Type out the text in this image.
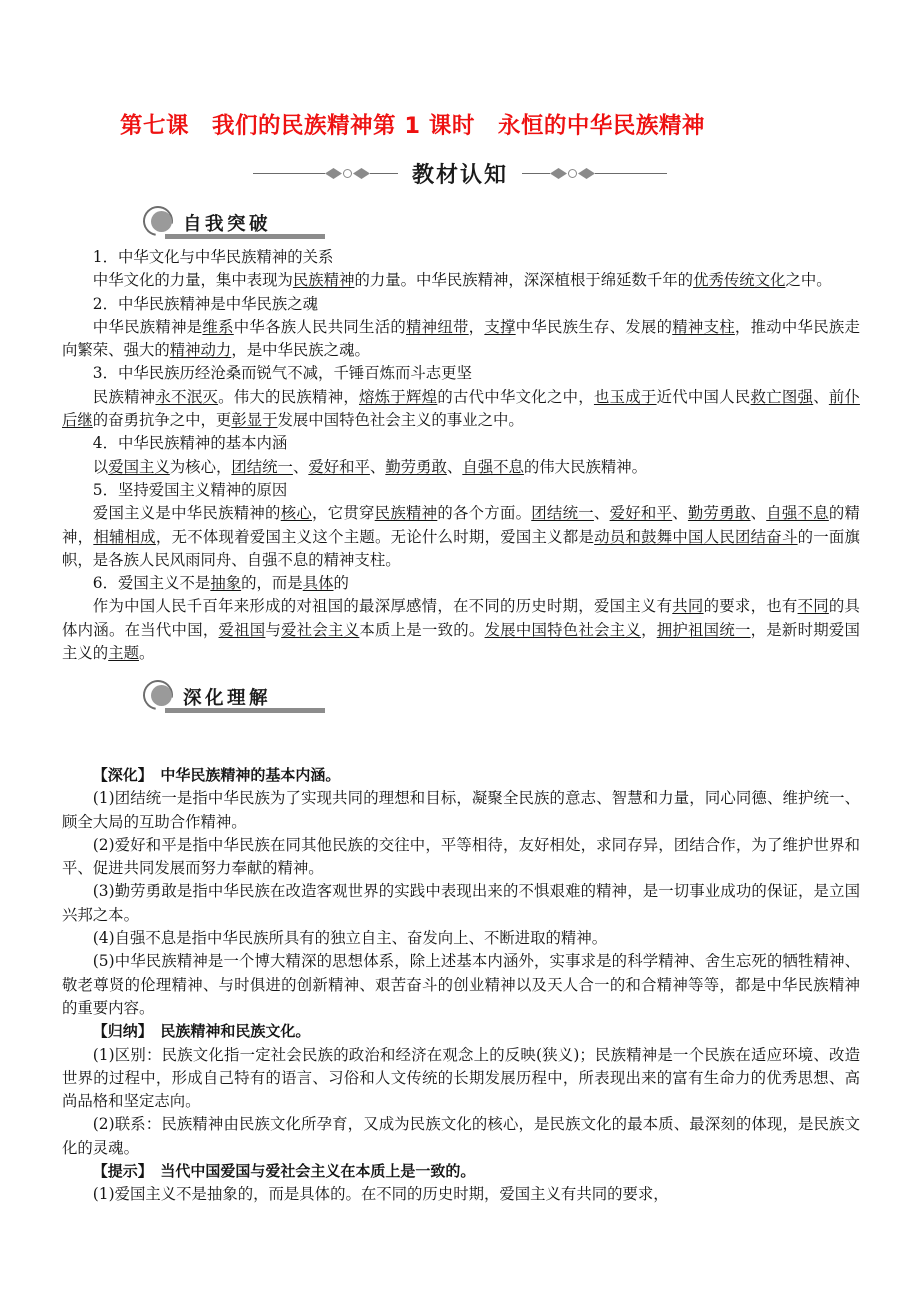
第七课　我们的民族精神第 1 课时　永恒的中华民族精神
教材认知
自我突破

1．中华文化与中华民族精神的关系

中华文化的力量，集中表现为民族精神的力量。中华民族精神，深深植根于绵延数千年的优秀传统文化之中。

2．中华民族精神是中华民族之魂

中华民族精神是维系中华各族人民共同生活的精神纽带，支撑中华民族生存、发展的精神支柱，推动中华民族走向繁荣、强大的精神动力，是中华民族之魂。

3．中华民族历经沧桑而锐气不减，千锤百炼而斗志更坚

民族精神永不泯灭。伟大的民族精神，熔炼于辉煌的古代中华文化之中，也玉成于近代中国人民救亡图强、前仆后继的奋勇抗争之中，更彰显于发展中国特色社会主义的事业之中。

4．中华民族精神的基本内涵

以爱国主义为核心，团结统一、爱好和平、勤劳勇敢、自强不息的伟大民族精神。

5．坚持爱国主义精神的原因

爱国主义是中华民族精神的核心，它贯穿民族精神的各个方面。团结统一、爱好和平、勤劳勇敢、自强不息的精神，相辅相成，无不体现着爱国主义这个主题。无论什么时期，爱国主义都是动员和鼓舞中国人民团结奋斗的一面旗帜，是各族人民风雨同舟、自强不息的精神支柱。

6．爱国主义不是抽象的，而是具体的

作为中国人民千百年来形成的对祖国的最深厚感情，在不同的历史时期，爱国主义有共同的要求，也有不同的具体内涵。在当代中国，爱祖国与爱社会主义本质上是一致的。发展中国特色社会主义，拥护祖国统一，是新时期爱国主义的主题。

深化理解

【深化】　中华民族精神的基本内涵。

(1)团结统一是指中华民族为了实现共同的理想和目标，凝聚全民族的意志、智慧和力量，同心同德、维护统一、顾全大局的互助合作精神。

(2)爱好和平是指中华民族在同其他民族的交往中，平等相待，友好相处，求同存异，团结合作，为了维护世界和平、促进共同发展而努力奉献的精神。

(3)勤劳勇敢是指中华民族在改造客观世界的实践中表现出来的不惧艰难的精神，是一切事业成功的保证，是立国兴邦之本。

(4)自强不息是指中华民族所具有的独立自主、奋发向上、不断进取的精神。

(5)中华民族精神是一个博大精深的思想体系，除上述基本内涵外，实事求是的科学精神、舍生忘死的牺牲精神、敬老尊贤的伦理精神、与时俱进的创新精神、艰苦奋斗的创业精神以及天人合一的和合精神等等，都是中华民族精神的重要内容。

【归纳】　民族精神和民族文化。

(1)区别：民族文化指一定社会民族的政治和经济在观念上的反映(狭义)；民族精神是一个民族在适应环境、改造世界的过程中，形成自己特有的语言、习俗和人文传统的长期发展历程中，所表现出来的富有生命力的优秀思想、高尚品格和坚定志向。

(2)联系：民族精神由民族文化所孕育，又成为民族文化的核心，是民族文化的最本质、最深刻的体现，是民族文化的灵魂。

【提示】　当代中国爱国与爱社会主义在本质上是一致的。

(1)爱国主义不是抽象的，而是具体的。在不同的历史时期，爱国主义有共同的要求，
